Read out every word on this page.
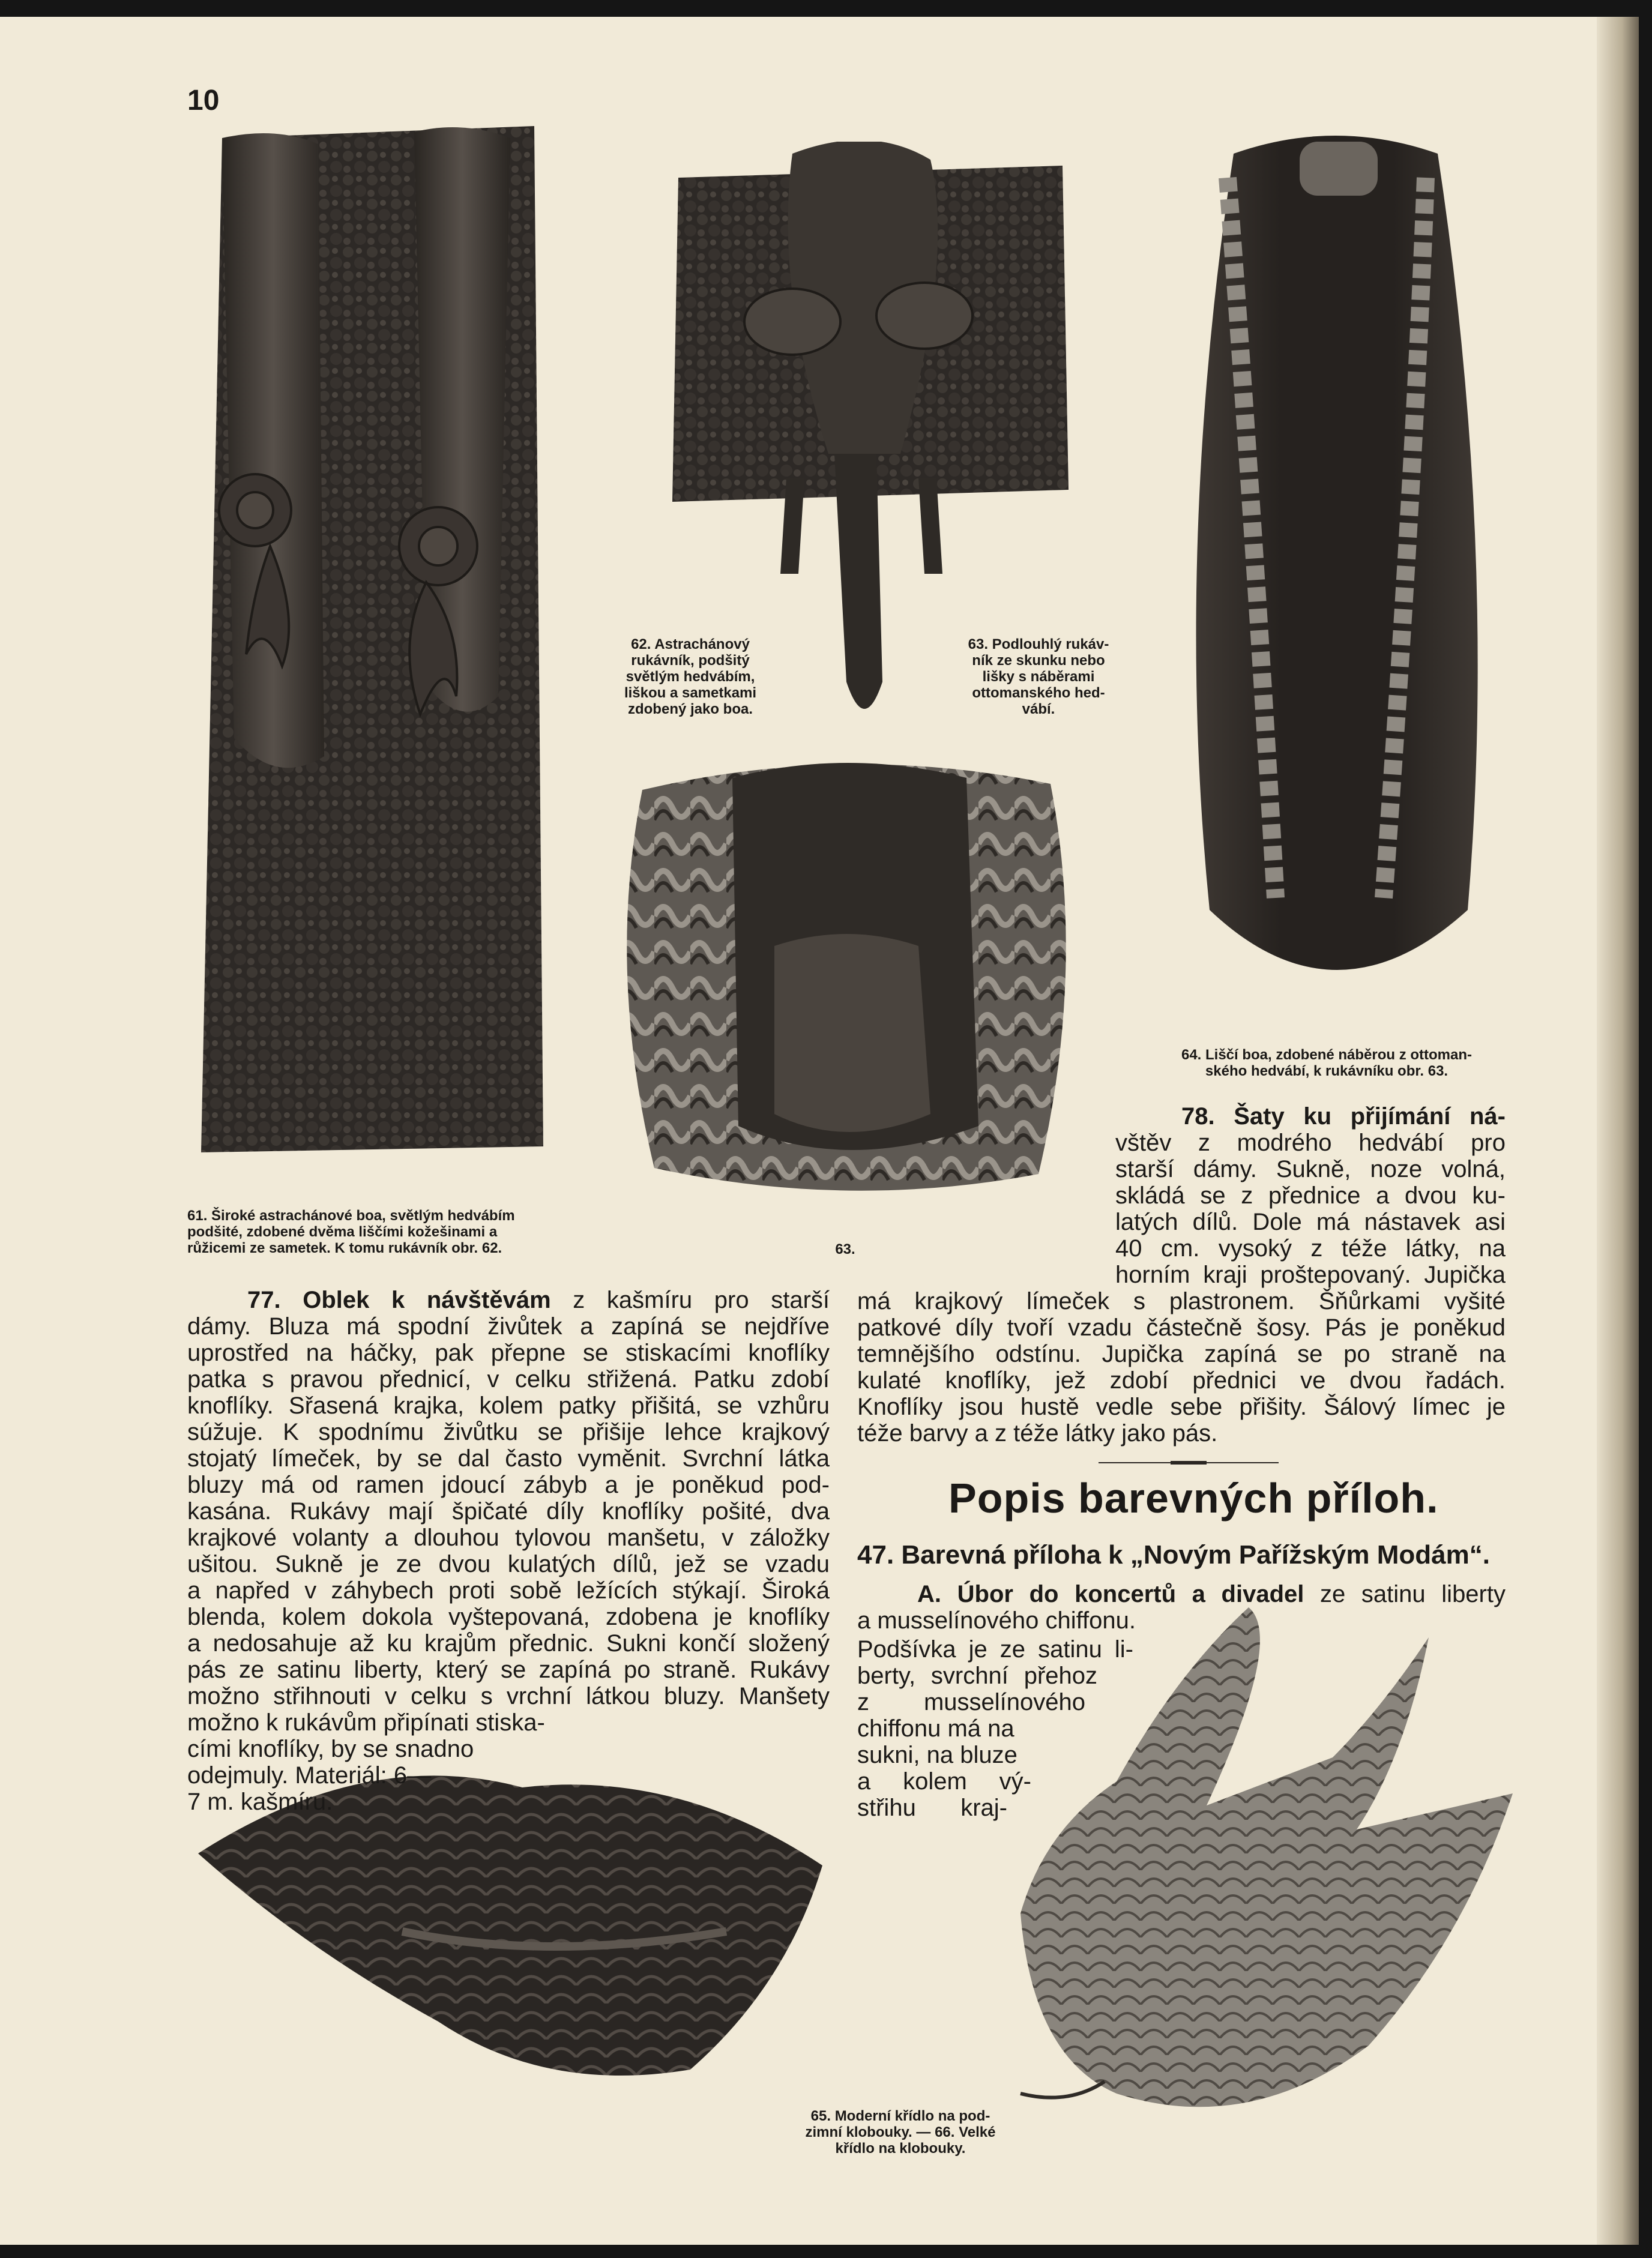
10
62. Astrachánový
rukávník, podšitý
světlým hedvábím,
liškou a sametkami
zdobený jako boa.
63. Podlouhlý rukáv-
ník ze skunku nebo
lišky s náběrami
ottomanského hed-
vábí.
64. Liščí boa, zdobené náběrou z ottoman-
ského hedvábí, k rukávníku obr. 63.
61. Široké astrachánové boa, světlým hedvábím
podšité, zdobené dvěma liščími kožešinami a
růžicemi ze sametek. K tomu rukávník obr. 62.	63.
65. Moderní křídlo na pod-
zimní klobouky. — 66. Velké
křídlo na klobouky.
77. Oblek k návštěvám z kašmíru pro starší
dámy. Bluza má spodní živůtek a zapíná se nejdříve
uprostřed na háčky, pak přepne se stiskacími knoflíky
patka s pravou přednicí, v celku střižená. Patku zdobí
knoflíky. Sřasená krajka, kolem patky přišitá, se vzhůru
súžuje. K spodnímu živůtku se přišije lehce krajkový
stojatý límeček, by se dal často vyměnit. Svrchní látka
bluzy má od ramen jdoucí zábyb a je poněkud pod-
kasána. Rukávy mají špičaté díly knoflíky pošité, dva
krajkové volanty a dlouhou tylovou manšetu, v záložky
ušitou. Sukně je ze dvou kulatých dílů, jež se vzadu
a napřed v záhybech proti sobě ležících stýkají. Široká
blenda, kolem dokola vyštepovaná, zdobena je knoflíky
a nedosahuje až ku krajům přednic. Sukni končí složený
pás ze satinu liberty, který se zapíná po straně. Rukávy
možno střihnouti v celku s vrchní látkou bluzy. Manšety
možno k rukávům připínati stiska-
cími knoflíky, by se snadno
odejmuly. Materiál: 6—
7 m. kašmíru.
78. Šaty ku přijímání ná-
vštěv z modrého hedvábí pro
starší dámy. Sukně, noze volná,
skládá se z přednice a dvou ku-
latých dílů. Dole má nástavek asi
40 cm. vysoký z téže látky, na
horním kraji proštepovaný. Jupička
má krajkový límeček s plastronem. Šňůrkami vyšité
patkové díly tvoří vzadu částečně šosy. Pás je poněkud
temnějšího odstínu. Jupička zapíná se po straně na
kulaté knoflíky, jež zdobí přednici ve dvou řadách.
Knoflíky jsou hustě vedle sebe přišity. Šálový límec je
téže barvy a z téže látky jako pás.
Popis barevných příloh.
47. Barevná příloha k „Novým Pařížským Modám“.
A. Úbor do koncertů a divadel ze satinu liberty
a musselínového chiffonu.
Podšívka je ze satinu li-
berty, svrchní přehoz
z musselínového
chiffonu má na
sukni, na bluze
a kolem vý-
střihu kraj-
